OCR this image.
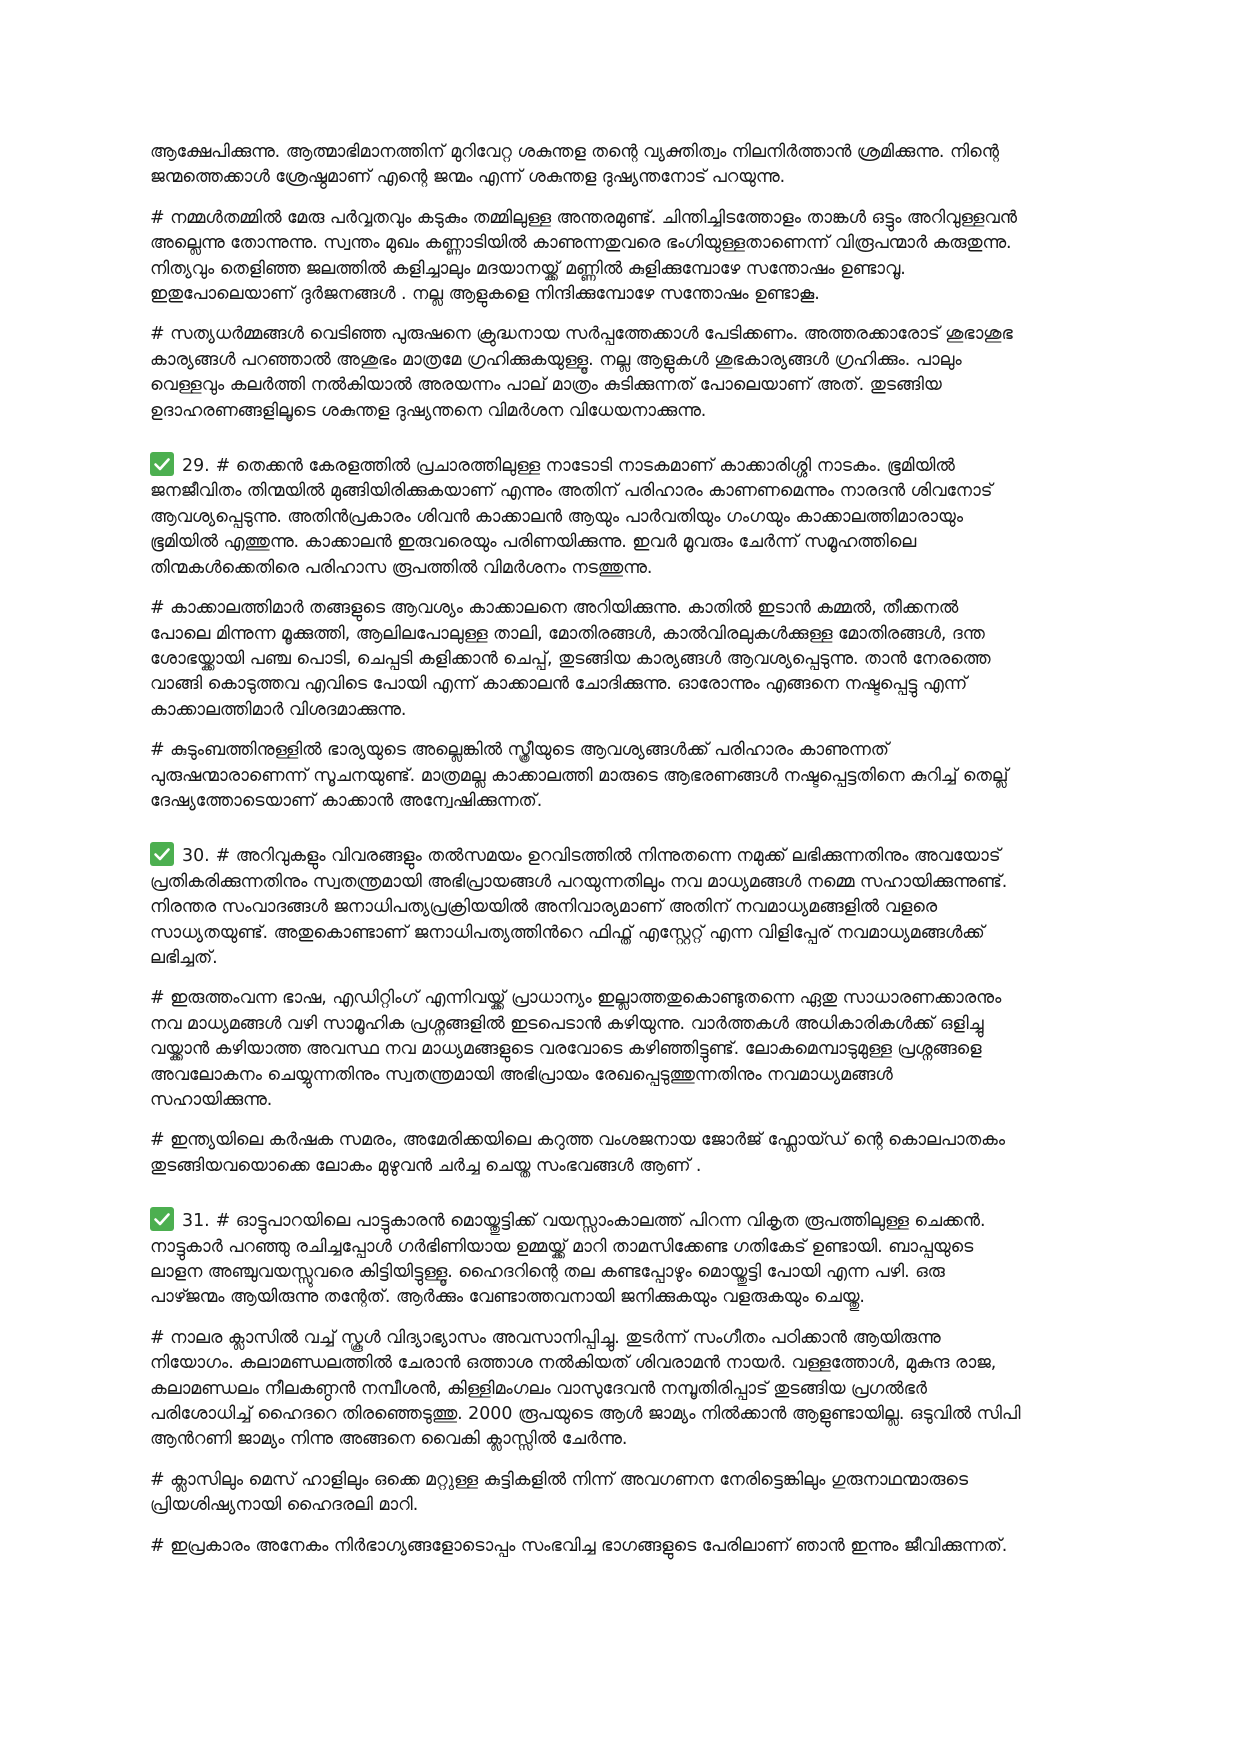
ആക്ഷേപിക്കുന്നു. ആത്മാഭിമാനത്തിന് മുറിവേറ്റ ശകുന്തള തന്റെ വ്യക്തിത്വം നിലനിർത്താൻ ശ്രമിക്കുന്നു. നിന്റെ
ജന്മത്തെക്കാൾ ശ്രേഷ്ഠമാണ് എന്റെ ജന്മം എന്ന് ശകുന്തള ദുഷ്യന്തനോട് പറയുന്നു.
# നമ്മൾതമ്മിൽ മേരു പർവ്വതവും കടുകും തമ്മിലുള്ള അന്തരമുണ്ട്. ചിന്തിച്ചിടത്തോളം താങ്കൾ ഒട്ടും അറിവുള്ളവൻ
അല്ലെന്നു തോന്നുന്നു. സ്വന്തം മുഖം കണ്ണാടിയിൽ കാണുന്നതുവരെ ഭംഗിയുള്ളതാണെന്ന് വിരൂപന്മാർ കരുതുന്നു.
നിത്യവും തെളിഞ്ഞ ജലത്തിൽ കളിച്ചാലും മദയാനയ്ക്ക് മണ്ണിൽ കുളിക്കുമ്പോഴേ സന്തോഷം ഉണ്ടാവൂ.
ഇതുപോലെയാണ് ദുർജനങ്ങൾ . നല്ല ആളുകളെ നിന്ദിക്കുമ്പോഴേ സന്തോഷം ഉണ്ടാകൂ.
# സത്യധർമ്മങ്ങൾ വെടിഞ്ഞ പുരുഷനെ ക്രുദ്ധനായ സർപ്പത്തേക്കാൾ പേടിക്കണം. അത്തരക്കാരോട് ശുഭാശുഭ
കാര്യങ്ങൾ പറഞ്ഞാൽ അശുഭം മാത്രമേ ഗ്രഹിക്കുകയുള്ളൂ. നല്ല ആളുകൾ ശുഭകാര്യങ്ങൾ ഗ്രഹിക്കും. പാലും
വെള്ളവും കലർത്തി നൽകിയാൽ അരയന്നം പാല് മാത്രം കുടിക്കുന്നത് പോലെയാണ് അത്. തുടങ്ങിയ
ഉദാഹരണങ്ങളിലൂടെ ശകുന്തള ദുഷ്യന്തനെ വിമർശന വിധേയനാക്കുന്നു.
29. # തെക്കൻ കേരളത്തിൽ പ്രചാരത്തിലുള്ള നാടോടി നാടകമാണ് കാക്കാരിശ്ശി നാടകം. ഭൂമിയിൽ
ജനജീവിതം തിന്മയിൽ മുങ്ങിയിരിക്കുകയാണ് എന്നും അതിന് പരിഹാരം കാണണമെന്നും നാരദൻ ശിവനോട്
ആവശ്യപ്പെടുന്നു. അതിൻപ്രകാരം ശിവൻ കാക്കാലൻ ആയും പാർവതിയും ഗംഗയും കാക്കാലത്തിമാരായും
ഭൂമിയിൽ എത്തുന്നു. കാക്കാലൻ ഇരുവരെയും പരിണയിക്കുന്നു. ഇവർ മൂവരും ചേർന്ന് സമൂഹത്തിലെ
തിന്മകൾക്കെതിരെ പരിഹാസ രൂപത്തിൽ വിമർശനം നടത്തുന്നു.
# കാക്കാലത്തിമാർ തങ്ങളുടെ ആവശ്യം കാക്കാലനെ അറിയിക്കുന്നു. കാതിൽ ഇടാൻ കമ്മൽ, തീക്കനൽ
പോലെ മിന്നുന്ന മൂക്കുത്തി, ആലിലപോലുള്ള താലി, മോതിരങ്ങൾ, കാൽവിരലുകൾക്കുള്ള മോതിരങ്ങൾ, ദന്ത
ശോഭയ്ക്കായി പഞ്ച പൊടി, ചെപ്പടി കളിക്കാൻ ചെപ്പ്, തുടങ്ങിയ കാര്യങ്ങൾ ആവശ്യപ്പെടുന്നു. താൻ നേരത്തെ
വാങ്ങി കൊടുത്തവ എവിടെ പോയി എന്ന് കാക്കാലൻ ചോദിക്കുന്നു. ഓരോന്നും എങ്ങനെ നഷ്ടപ്പെട്ടു എന്ന്
കാക്കാലത്തിമാർ വിശദമാക്കുന്നു.
# കുടുംബത്തിനുള്ളിൽ ഭാര്യയുടെ അല്ലെങ്കിൽ സ്ത്രീയുടെ ആവശ്യങ്ങൾക്ക് പരിഹാരം കാണുന്നത്
പുരുഷന്മാരാണെന്ന് സൂചനയുണ്ട്. മാത്രമല്ല കാക്കാലത്തി മാരുടെ ആഭരണങ്ങൾ നഷ്ടപ്പെട്ടതിനെ കുറിച്ച് തെല്ല്
ദേഷ്യത്തോടെയാണ് കാക്കാൻ അന്വേഷിക്കുന്നത്.
30. # അറിവുകളും വിവരങ്ങളും തൽസമയം ഉറവിടത്തിൽ നിന്നുതന്നെ നമുക്ക് ലഭിക്കുന്നതിനും അവയോട്
പ്രതികരിക്കുന്നതിനും സ്വതന്ത്രമായി അഭിപ്രായങ്ങൾ പറയുന്നതിലും നവ മാധ്യമങ്ങൾ നമ്മെ സഹായിക്കുന്നുണ്ട്.
നിരന്തര സംവാദങ്ങൾ ജനാധിപത്യപ്രക്രിയയിൽ അനിവാര്യമാണ് അതിന് നവമാധ്യമങ്ങളിൽ വളരെ
സാധ്യതയുണ്ട്. അതുകൊണ്ടാണ് ജനാധിപത്യത്തിൻറെ ഫിഫ്ത് എസ്റ്റേറ്റ് എന്ന വിളിപ്പേര് നവമാധ്യമങ്ങൾക്ക്
ലഭിച്ചത്.
# ഇരുത്തംവന്ന ഭാഷ, എഡിറ്റിംഗ് എന്നിവയ്ക്ക് പ്രാധാന്യം ഇല്ലാത്തതുകൊണ്ടുതന്നെ ഏതു സാധാരണക്കാരനും
നവ മാധ്യമങ്ങൾ വഴി സാമൂഹിക പ്രശ്നങ്ങളിൽ ഇടപെടാൻ കഴിയുന്നു. വാർത്തകൾ അധികാരികൾക്ക് ഒളിച്ചു
വയ്ക്കാൻ കഴിയാത്ത അവസ്ഥ നവ മാധ്യമങ്ങളുടെ വരവോടെ കഴിഞ്ഞിട്ടുണ്ട്. ലോകമെമ്പാടുമുള്ള പ്രശ്നങ്ങളെ
അവലോകനം ചെയ്യുന്നതിനും സ്വതന്ത്രമായി അഭിപ്രായം രേഖപ്പെടുത്തുന്നതിനും നവമാധ്യമങ്ങൾ
സഹായിക്കുന്നു.
# ഇന്ത്യയിലെ കർഷക സമരം, അമേരിക്കയിലെ കറുത്ത വംശജനായ ജോർജ് ഫ്ലോയ്ഡ് ന്റെ കൊലപാതകം
തുടങ്ങിയവയൊക്കെ ലോകം മുഴുവൻ ചർച്ച ചെയ്ത സംഭവങ്ങൾ ആണ് .
31. # ഓട്ടുപാറയിലെ പാട്ടുകാരൻ മൊയ്തുട്ടിക്ക് വയസ്സാംകാലത്ത് പിറന്ന വികൃത രൂപത്തിലുള്ള ചെക്കൻ.
നാട്ടുകാർ പറഞ്ഞു രചിച്ചപ്പോൾ ഗർഭിണിയായ ഉമ്മയ്ക്ക് മാറി താമസിക്കേണ്ട ഗതികേട് ഉണ്ടായി. ബാപ്പയുടെ
ലാളന അഞ്ചുവയസ്സുവരെ കിട്ടിയിട്ടുള്ളൂ. ഹൈദറിന്റെ തല കണ്ടപ്പോഴും മൊയ്തുട്ടി പോയി എന്ന പഴി. ഒരു
പാഴ്ജന്മം ആയിരുന്നു തന്റേത്. ആർക്കും വേണ്ടാത്തവനായി ജനിക്കുകയും വളരുകയും ചെയ്തു.
# നാലര ക്ലാസിൽ വച്ച് സ്കൂൾ വിദ്യാഭ്യാസം അവസാനിപ്പിച്ചു. തുടർന്ന് സംഗീതം പഠിക്കാൻ ആയിരുന്നു
നിയോഗം. കലാമണ്ഡലത്തിൽ ചേരാൻ ഒത്താശ നൽകിയത് ശിവരാമൻ നായർ. വള്ളത്തോൾ, മുകുന്ദ രാജ,
കലാമണ്ഡലം നീലകണ്ഠൻ നമ്പീശൻ, കിള്ളിമംഗലം വാസുദേവൻ നമ്പൂതിരിപ്പാട് തുടങ്ങിയ പ്രഗൽഭർ
പരിശോധിച്ച് ഹൈദറെ തിരഞ്ഞെടുത്തു. 2000 രൂപയുടെ ആൾ ജാമ്യം നിൽക്കാൻ ആളുണ്ടായില്ല. ഒടുവിൽ സിപി
ആൻറണി ജാമ്യം നിന്നു അങ്ങനെ വൈകി ക്ലാസ്സിൽ ചേർന്നു.
# ക്ലാസിലും മെസ് ഹാളിലും ഒക്കെ മറ്റുള്ള കുട്ടികളിൽ നിന്ന് അവഗണന നേരിട്ടെങ്കിലും ഗുരുനാഥന്മാരുടെ
പ്രിയശിഷ്യനായി ഹൈദരലി മാറി.
# ഇപ്രകാരം അനേകം നിർഭാഗ്യങ്ങളോടൊപ്പം സംഭവിച്ച ഭാഗങ്ങളുടെ പേരിലാണ് ഞാൻ ഇന്നും ജീവിക്കുന്നത്.
